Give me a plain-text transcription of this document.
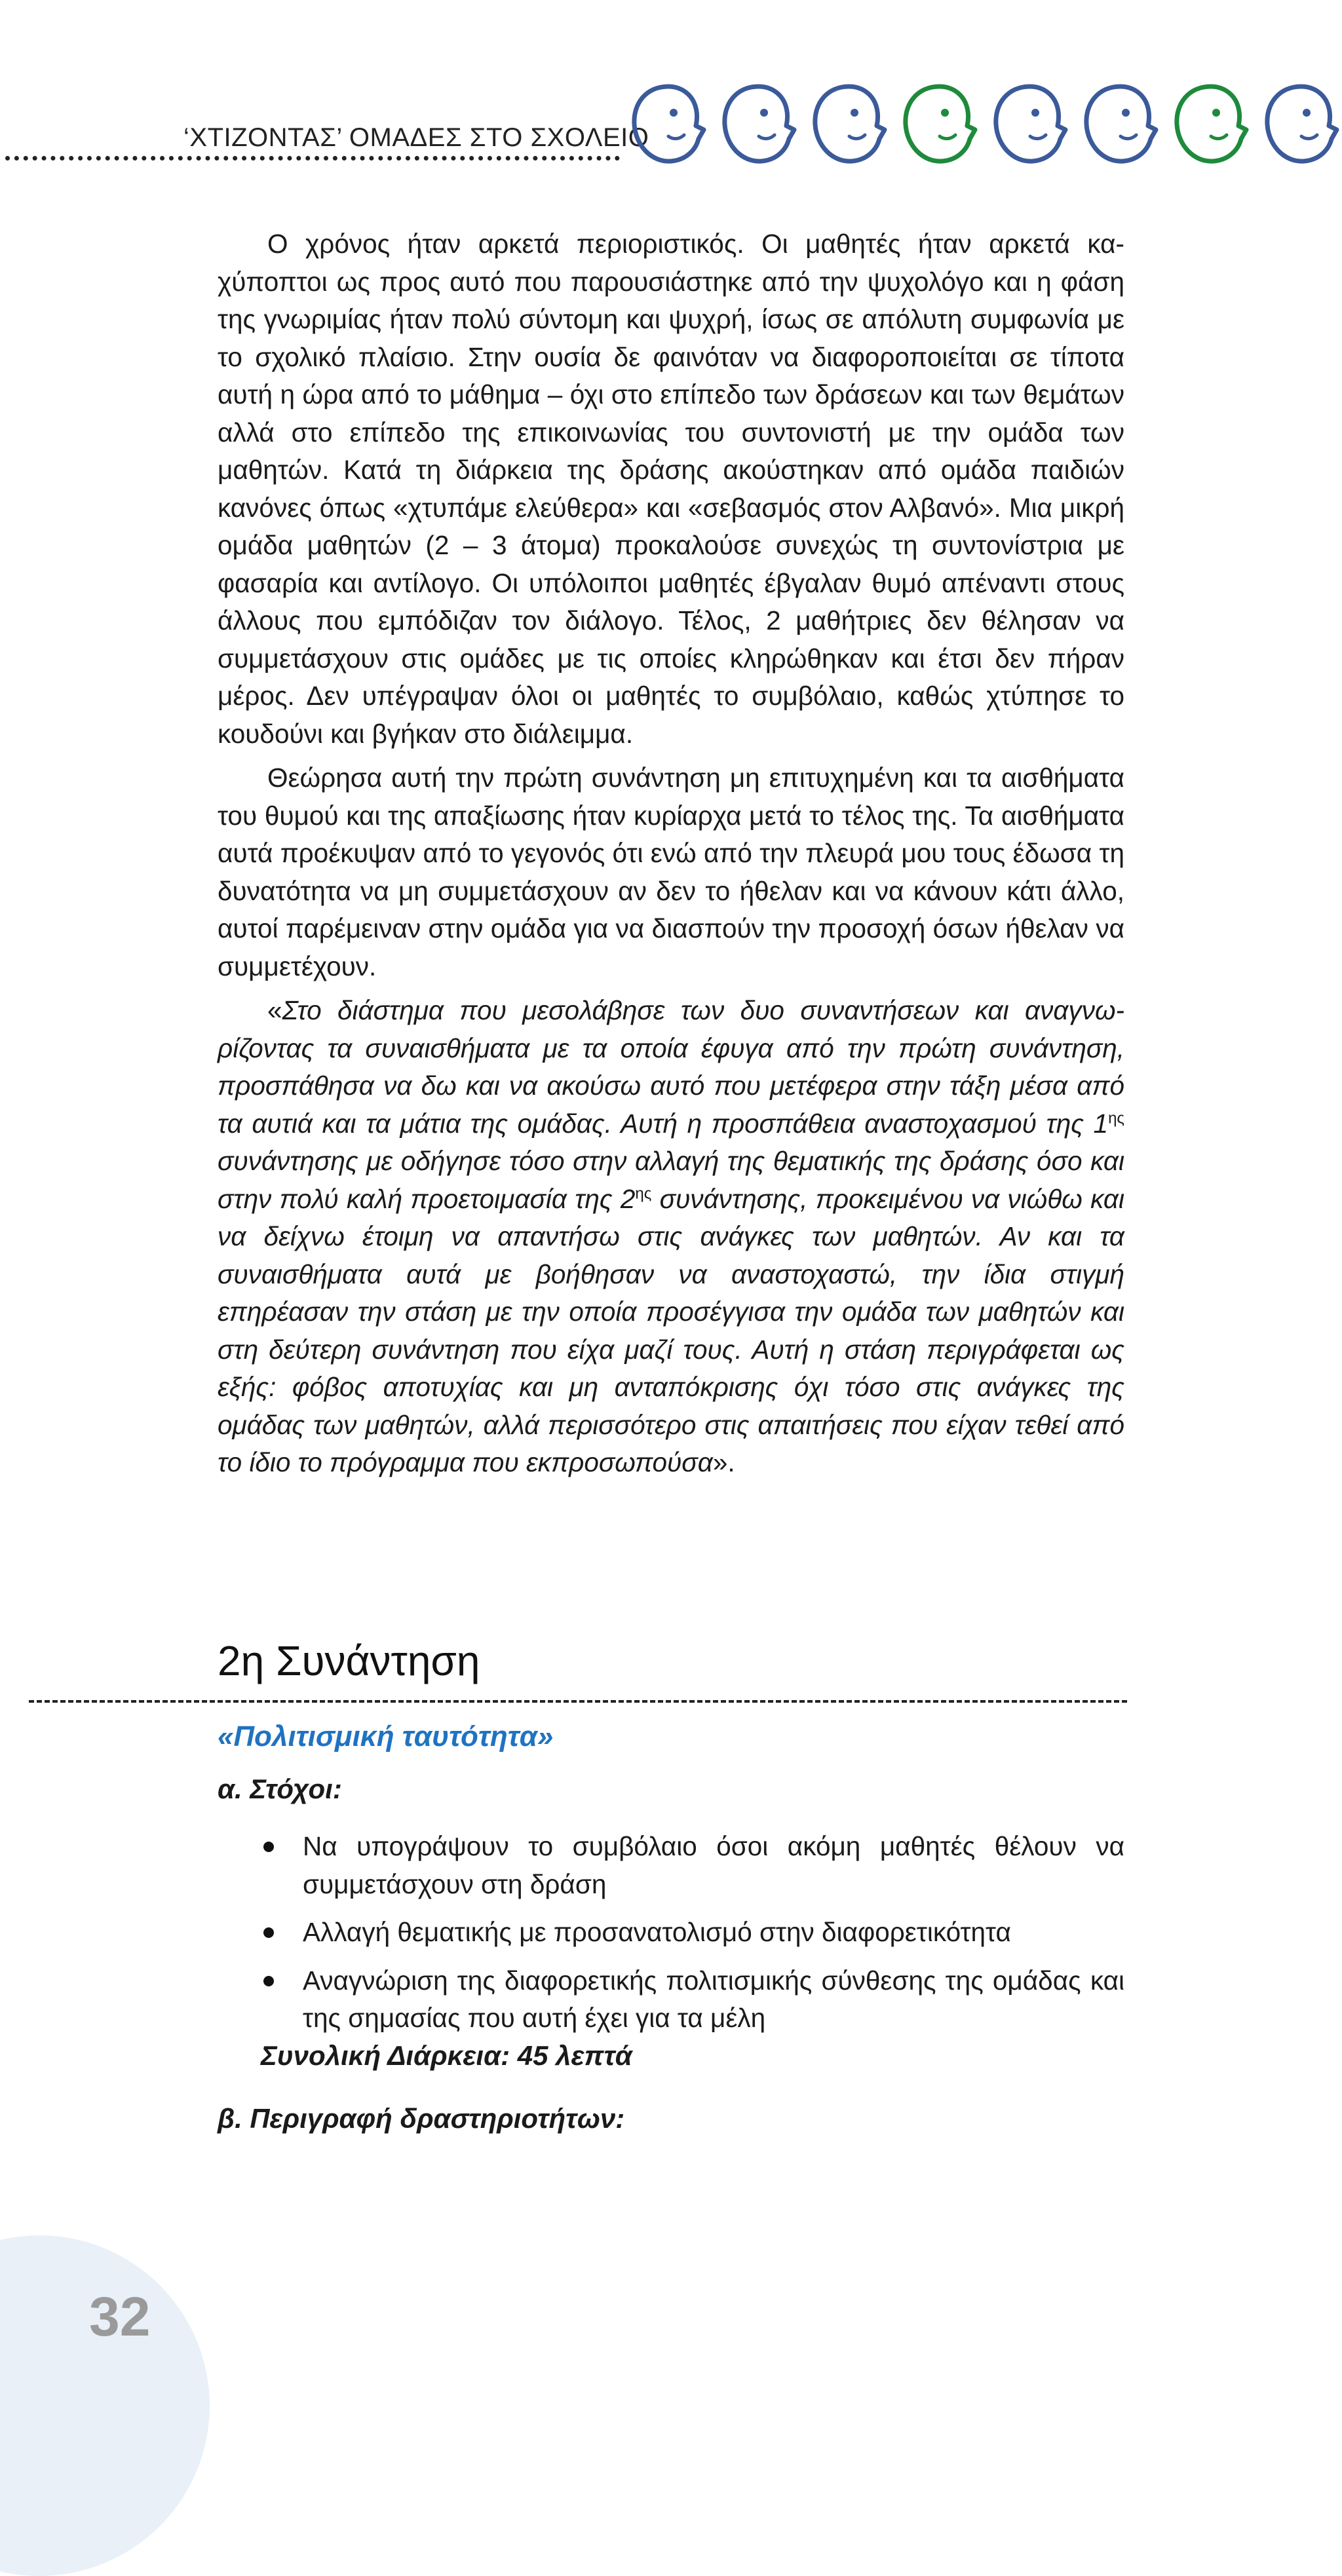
‘ΧΤΙΖΟΝΤΑΣ’ ΟΜΑΔΕΣ ΣΤΟ ΣΧΟΛΕΙΟ

Ο χρόνος ήταν αρκετά περιοριστικός. Οι μαθητές ήταν αρκετά καχύποπτοι ως προς αυτό που παρουσιάστηκε από την ψυχολόγο και η φάση της γνωριμίας ήταν πολύ σύντομη και ψυχρή, ίσως σε απόλυτη συμφωνία με το σχολικό πλαίσιο. Στην ουσία δε φαινόταν να διαφοροποιείται σε τίποτα αυτή η ώρα από το μάθημα – όχι στο επίπεδο των δράσεων και των θεμάτων αλλά στο επίπεδο της επικοινωνίας του συντονιστή με την ομάδα των μαθητών. Κατά τη διάρκεια της δράσης ακούστηκαν από ομάδα παιδιών κανόνες όπως «χτυπάμε ελεύθερα» και «σεβασμός στον Αλβανό». Μια μικρή ομάδα μαθητών (2 – 3 άτομα) προκαλούσε συνεχώς τη συντονίστρια με φασαρία και αντίλογο. Οι υπόλοιποι μαθητές έβγαλαν θυμό απέναντι στους άλλους που εμπόδιζαν τον διάλογο. Τέλος, 2 μαθήτριες δεν θέλησαν να συμμετάσχουν στις ομάδες με τις οποίες κληρώθηκαν και έτσι δεν πήραν μέρος. Δεν υπέγραψαν όλοι οι μαθητές το συμβόλαιο, καθώς χτύπησε το κουδούνι και βγήκαν στο διάλειμμα.

Θεώρησα αυτή την πρώτη συνάντηση μη επιτυχημένη και τα αισθήματα του θυμού και της απαξίωσης ήταν κυρίαρχα μετά το τέλος της. Τα αισθήματα αυτά προέκυψαν από το γεγονός ότι ενώ από την πλευρά μου τους έδωσα τη δυνατότητα να μη συμμετάσχουν αν δεν το ήθελαν και να κάνουν κάτι άλλο, αυτοί παρέμειναν στην ομάδα για να διασπούν την προσοχή όσων ήθελαν να συμμετέχουν.

«Στο διάστημα που μεσολάβησε των δυο συναντήσεων και αναγνωρίζοντας τα συναισθήματα με τα οποία έφυγα από την πρώτη συνάντηση, προσπάθησα να δω και να ακούσω αυτό που μετέφερα στην τάξη μέσα από τα αυτιά και τα μάτια της ομάδας. Αυτή η προσπάθεια αναστοχασμού της $1^{\eta\varsigma}$ συνάντησης με οδήγησε τόσο στην αλλαγή της θεματικής της δράσης όσο και στην πολύ καλή προετοιμασία της $2^{\eta\varsigma}$ συνάντησης, προκειμένου να νιώθω και να δείχνω έτοιμη να απαντήσω στις ανάγκες των μαθητών. Αν και τα συναισθήματα αυτά με βοήθησαν να αναστοχαστώ, την ίδια στιγμή επηρέασαν την στάση με την οποία προσέγγισα την ομάδα των μαθητών και στη δεύτερη συνάντηση που είχα μαζί τους. Αυτή η στάση περιγράφεται ως εξής: φόβος αποτυχίας και μη ανταπόκρισης όχι τόσο στις ανάγκες της ομάδας των μαθητών, αλλά περισσότερο στις απαιτήσεις που είχαν τεθεί από το ίδιο το πρόγραμμα που εκπροσωπούσα».

2η Συνάντηση
«Πολιτισμική ταυτότητα»
α. Στόχοι:
Να υπογράψουν το συμβόλαιο όσοι ακόμη μαθητές θέλουν να συμμετάσχουν στη δράση
Αλλαγή θεματικής με προσανατολισμό στην διαφορετικότητα
Αναγνώριση της διαφορετικής πολιτισμικής σύνθεσης της ομάδας και της σημασίας που αυτή έχει για τα μέλη
Συνολική Διάρκεια: 45 λεπτά
β. Περιγραφή δραστηριοτήτων:
32
